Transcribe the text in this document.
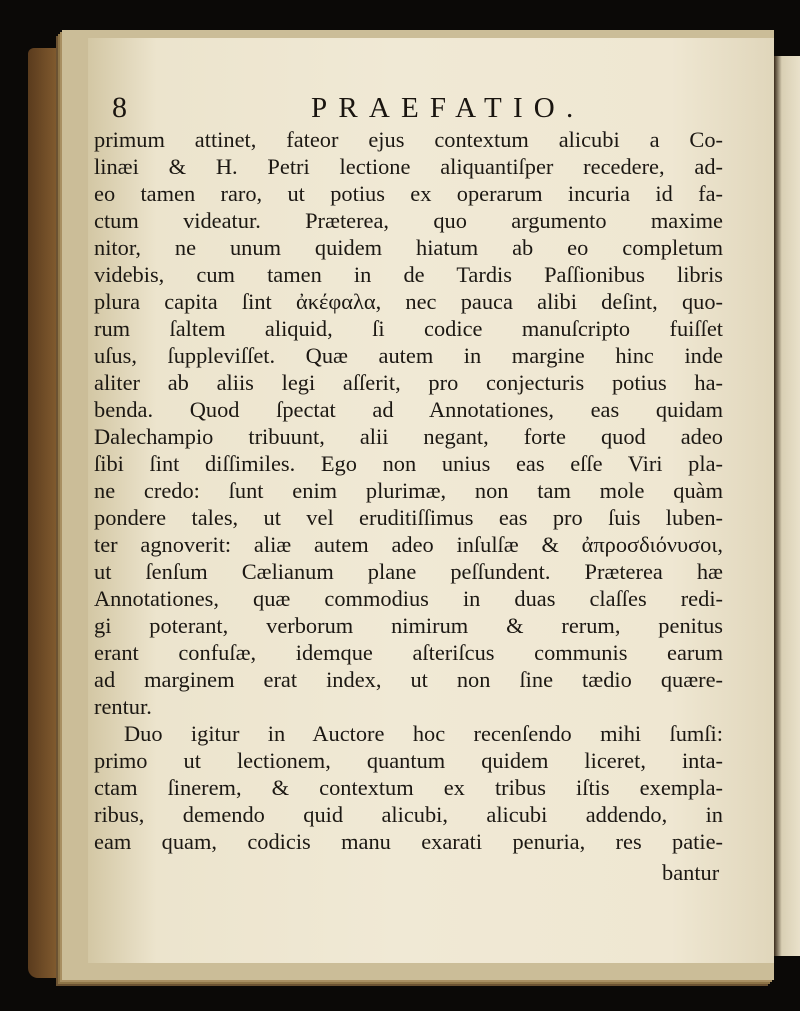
8	PRAEFATIO.
primum attinet, fateor ejus contextum alicubi a Co-
linæi & H. Petri lectione aliquantiſper recedere, ad-
eo tamen raro, ut potius ex operarum incuria id fa-
ctum videatur. Præterea, quo argumento maxime
nitor, ne unum quidem hiatum ab eo completum
videbis, cum tamen in de Tardis Paſſionibus libris
plura capita ſint ἀκέφαλα, nec pauca alibi deſint, quo-
rum ſaltem aliquid, ſi codice manuſcripto fuiſſet
uſus, ſuppleviſſet. Quæ autem in margine hinc inde
aliter ab aliis legi aſſerit, pro conjecturis potius ha-
benda. Quod ſpectat ad Annotationes, eas quidam
Dalechampio tribuunt, alii negant, forte quod adeo
ſibi ſint diſſimiles. Ego non unius eas eſſe Viri pla-
ne credo: ſunt enim plurimæ, non tam mole quàm
pondere tales, ut vel eruditiſſimus eas pro ſuis luben-
ter agnoverit: aliæ autem adeo inſulſæ & ἀπροσδιόνυσοι,
ut ſenſum Cælianum plane peſſundent. Præterea hæ
Annotationes, quæ commodius in duas claſſes redi-
gi poterant, verborum nimirum & rerum, penitus
erant confuſæ, idemque aſteriſcus communis earum
ad marginem erat index, ut non ſine tædio quære-
rentur.
Duo igitur in Auctore hoc recenſendo mihi ſumſi:
primo ut lectionem, quantum quidem liceret, inta-
ctam ſinerem, & contextum ex tribus iſtis exempla-
ribus, demendo quid alicubi, alicubi addendo, in
eam quam, codicis manu exarati penuria, res patie-
bantur
